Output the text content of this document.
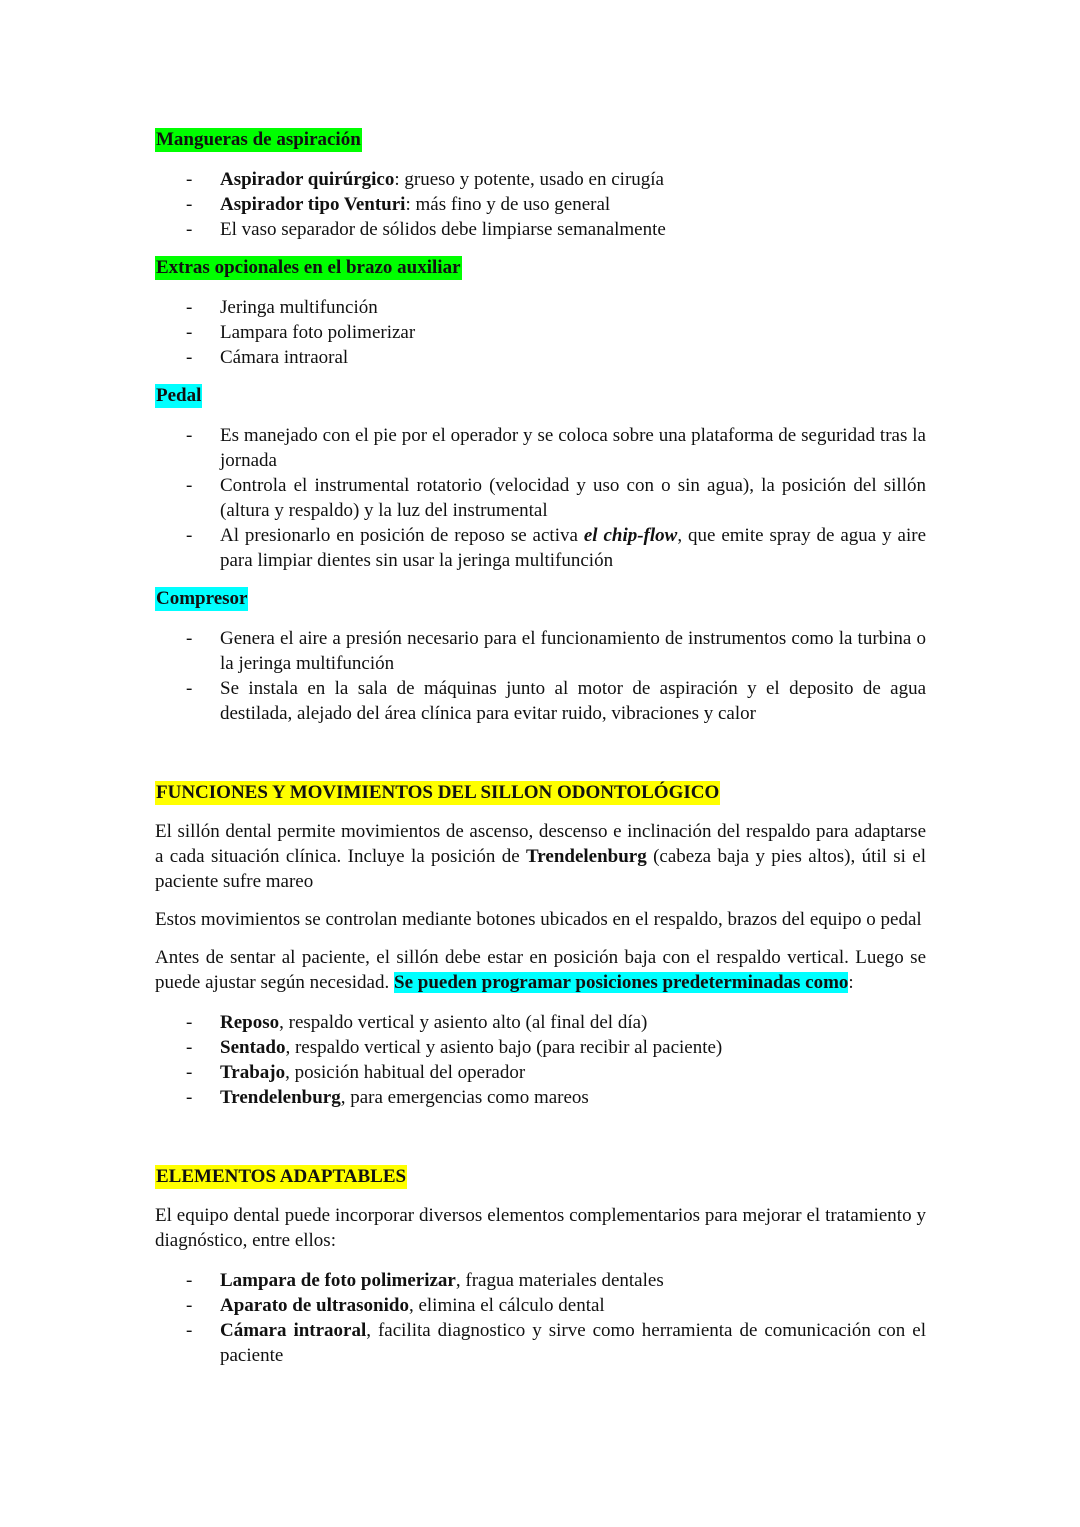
Mangueras de aspiración
- Aspirador quirúrgico: grueso y potente, usado en cirugía
- Aspirador tipo Venturi: más fino y de uso general
- El vaso separador de sólidos debe limpiarse semanalmente
Extras opcionales en el brazo auxiliar
- Jeringa multifunción
- Lampara foto polimerizar
- Cámara intraoral
Pedal
- Es manejado con el pie por el operador y se coloca sobre una plataforma de seguridad tras la jornada
- Controla el instrumental rotatorio (velocidad y uso con o sin agua), la posición del sillón (altura y respaldo) y la luz del instrumental
- Al presionarlo en posición de reposo se activa el chip-flow, que emite spray de agua y aire para limpiar dientes sin usar la jeringa multifunción
Compresor
- Genera el aire a presión necesario para el funcionamiento de instrumentos como la turbina o la jeringa multifunción
- Se instala en la sala de máquinas junto al motor de aspiración y el deposito de agua destilada, alejado del área clínica para evitar ruido, vibraciones y calor
FUNCIONES Y MOVIMIENTOS DEL SILLON ODONTOLÓGICO

El sillón dental permite movimientos de ascenso, descenso e inclinación del respaldo para adaptarse a cada situación clínica. Incluye la posición de Trendelenburg (cabeza baja y pies altos), útil si el paciente sufre mareo

Estos movimientos se controlan mediante botones ubicados en el respaldo, brazos del equipo o pedal

Antes de sentar al paciente, el sillón debe estar en posición baja con el respaldo vertical. Luego se puede ajustar según necesidad. Se pueden programar posiciones predeterminadas como:

- Reposo, respaldo vertical y asiento alto (al final del día)
- Sentado, respaldo vertical y asiento bajo (para recibir al paciente)
- Trabajo, posición habitual del operador
- Trendelenburg, para emergencias como mareos
ELEMENTOS ADAPTABLES

El equipo dental puede incorporar diversos elementos complementarios para mejorar el tratamiento y diagnóstico, entre ellos:

- Lampara de foto polimerizar, fragua materiales dentales
- Aparato de ultrasonido, elimina el cálculo dental
- Cámara intraoral, facilita diagnostico y sirve como herramienta de comunicación con el paciente
